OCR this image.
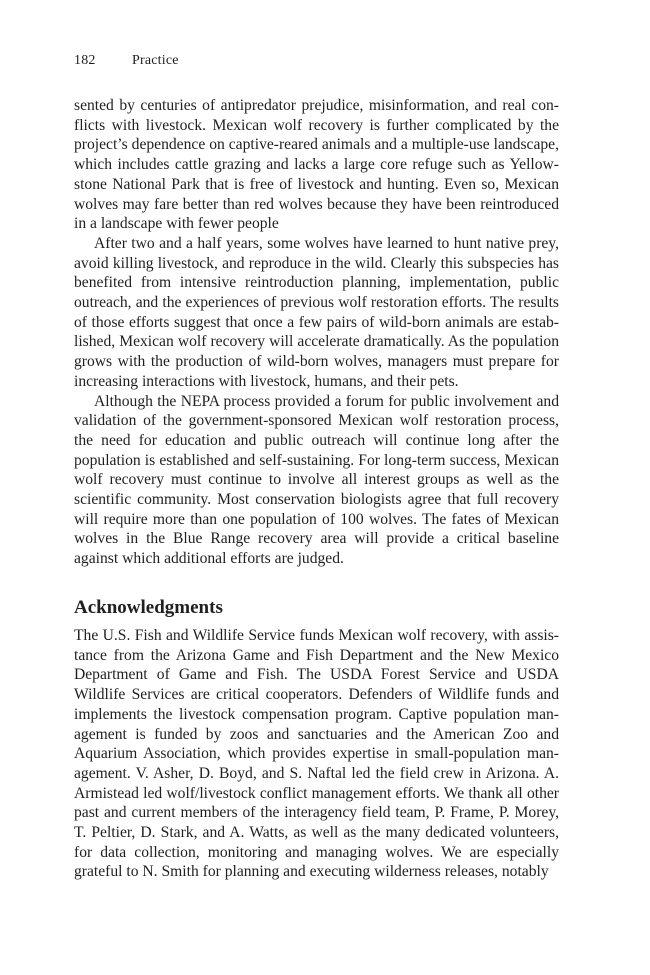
182	Practice

sented by centuries of antipredator prejudice, misinformation, and real conflicts with livestock. Mexican wolf recovery is further complicated by the project’s dependence on captive-reared animals and a multiple-use landscape, which includes cattle grazing and lacks a large core refuge such as Yellowstone National Park that is free of livestock and hunting. Even so, Mexican wolves may fare better than red wolves because they have been reintroduced in a landscape with fewer people

After two and a half years, some wolves have learned to hunt native prey, avoid killing livestock, and reproduce in the wild. Clearly this subspecies has benefited from intensive reintroduction planning, implementation, public outreach, and the experiences of previous wolf restoration efforts. The results of those efforts suggest that once a few pairs of wild-born animals are established, Mexican wolf recovery will accelerate dramatically. As the population grows with the production of wild-born wolves, managers must prepare for increasing interactions with livestock, humans, and their pets.

Although the NEPA process provided a forum for public involvement and validation of the government-sponsored Mexican wolf restoration process, the need for education and public outreach will continue long after the population is established and self-sustaining. For long-term success, Mexican wolf recovery must continue to involve all interest groups as well as the scientific community. Most conservation biologists agree that full recovery will require more than one population of 100 wolves. The fates of Mexican wolves in the Blue Range recovery area will provide a critical baseline against which additional efforts are judged.

Acknowledgments

The U.S. Fish and Wildlife Service funds Mexican wolf recovery, with assistance from the Arizona Game and Fish Department and the New Mexico Department of Game and Fish. The USDA Forest Service and USDA Wildlife Services are critical cooperators. Defenders of Wildlife funds and implements the livestock compensation program. Captive population management is funded by zoos and sanctuaries and the American Zoo and Aquarium Association, which provides expertise in small-population management. V. Asher, D. Boyd, and S. Naftal led the field crew in Arizona. A. Armistead led wolf/livestock conflict management efforts. We thank all other past and current members of the interagency field team, P. Frame, P. Morey, T. Peltier, D. Stark, and A. Watts, as well as the many dedicated volunteers, for data collection, monitoring and managing wolves. We are especially grateful to N. Smith for planning and executing wilderness releases, notably
